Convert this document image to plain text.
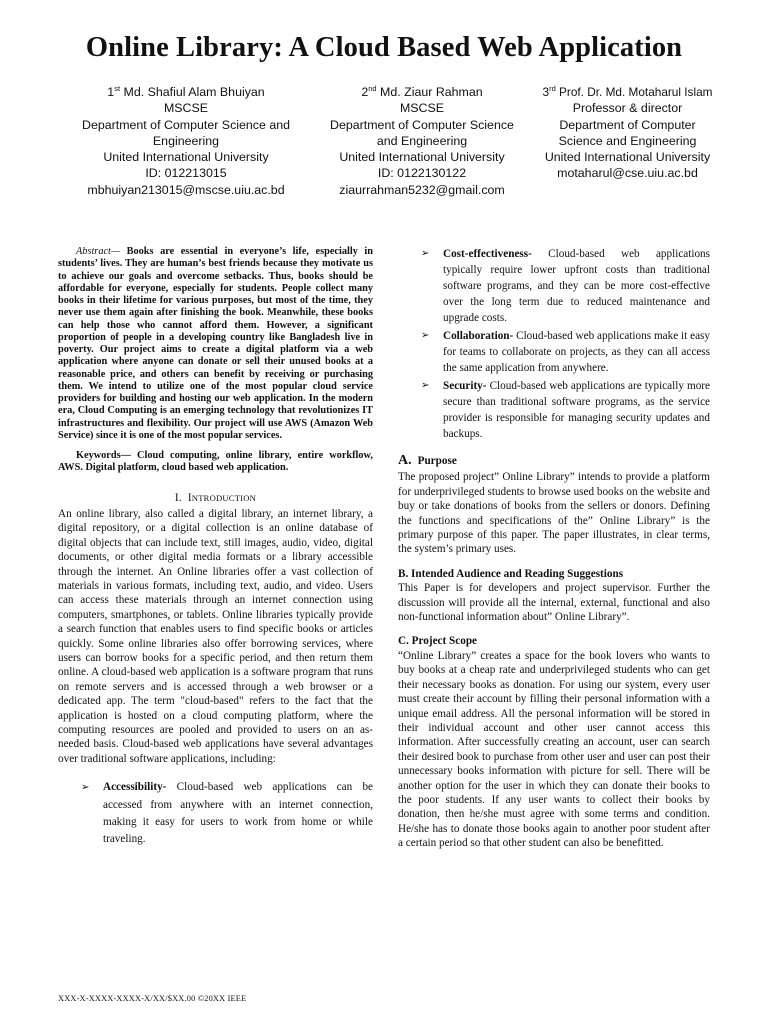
Online Library: A Cloud Based Web Application
1st Md. Shafiul Alam Bhuiyan
MSCSE
Department of Computer Science and
Engineering
United International University
ID: 012213015
mbhuiyan213015@mscse.uiu.ac.bd
2nd Md. Ziaur Rahman
MSCSE
Department of Computer Science
and Engineering
United International University
ID: 0122130122
ziaurrahman5232@gmail.com
3rd Prof. Dr. Md. Motaharul Islam
Professor & director
Department of Computer
Science and Engineering
United International University
motaharul@cse.uiu.ac.bd

Abstract— Books are essential in everyone’s life, especially in students’ lives. They are human’s best friends because they motivate us to achieve our goals and overcome setbacks. Thus, books should be affordable for everyone, especially for students. People collect many books in their lifetime for various purposes, but most of the time, they never use them again after finishing the book. Meanwhile, these books can help those who cannot afford them. However, a significant proportion of people in a developing country like Bangladesh live in poverty. Our project aims to create a digital platform via a web application where anyone can donate or sell their unused books at a reasonable price, and others can benefit by receiving or purchasing them. We intend to utilize one of the most popular cloud service providers for building and hosting our web application. In the modern era, Cloud Computing is an emerging technology that revolutionizes IT infrastructures and flexibility. Our project will use AWS (Amazon Web Service) since it is one of the most popular services.

Keywords— Cloud computing, online library, entire workflow, AWS. Digital platform, cloud based web application.

I. INTRODUCTION

An online library, also called a digital library, an internet library, a digital repository, or a digital collection is an online database of digital objects that can include text, still images, audio, video, digital documents, or other digital media formats or a library accessible through the internet. An Online libraries offer a vast collection of materials in various formats, including text, audio, and video. Users can access these materials through an internet connection using computers, smartphones, or tablets. Online libraries typically provide a search function that enables users to find specific books or articles quickly. Some online libraries also offer borrowing services, where users can borrow books for a specific period, and then return them online. A cloud-based web application is a software program that runs on remote servers and is accessed through a web browser or a dedicated app. The term "cloud-based" refers to the fact that the application is hosted on a cloud computing platform, where the computing resources are pooled and provided to users on an as-needed basis. Cloud-based web applications have several advantages over traditional software applications, including:

➢ Accessibility- Cloud-based web applications can be accessed from anywhere with an internet connection, making it easy for users to work from home or while traveling.
➢ Cost-effectiveness- Cloud-based web applications typically require lower upfront costs than traditional software programs, and they can be more cost-effective over the long term due to reduced maintenance and upgrade costs.
➢ Collaboration- Cloud-based web applications make it easy for teams to collaborate on projects, as they can all access the same application from anywhere.
➢ Security- Cloud-based web applications are typically more secure than traditional software programs, as the service provider is responsible for managing security updates and backups.

A. Purpose

The proposed project” Online Library” intends to provide a platform for underprivileged students to browse used books on the website and buy or take donations of books from the sellers or donors. Defining the functions and specifications of the” Online Library” is the primary purpose of this paper. The paper illustrates, in clear terms, the system’s primary uses.

B. Intended Audience and Reading Suggestions

This Paper is for developers and project supervisor. Further the discussion will provide all the internal, external, functional and also non-functional information about” Online Library”.

C. Project Scope

“Online Library” creates a space for the book lovers who wants to buy books at a cheap rate and underprivileged students who can get their necessary books as donation. For using our system, every user must create their account by filling their personal information with a unique email address. All the personal information will be stored in their individual account and other user cannot access this information. After successfully creating an account, user can search their desired book to purchase from other user and user can post their unnecessary books information with picture for sell. There will be another option for the user in which they can donate their books to the poor students. If any user wants to collect their books by donation, then he/she must agree with some terms and condition. He/she has to donate those books again to another poor student after a certain period so that other student can also be benefitted.

XXX-X-XXXX-XXXX-X/XX/$XX.00 ©20XX IEEE
